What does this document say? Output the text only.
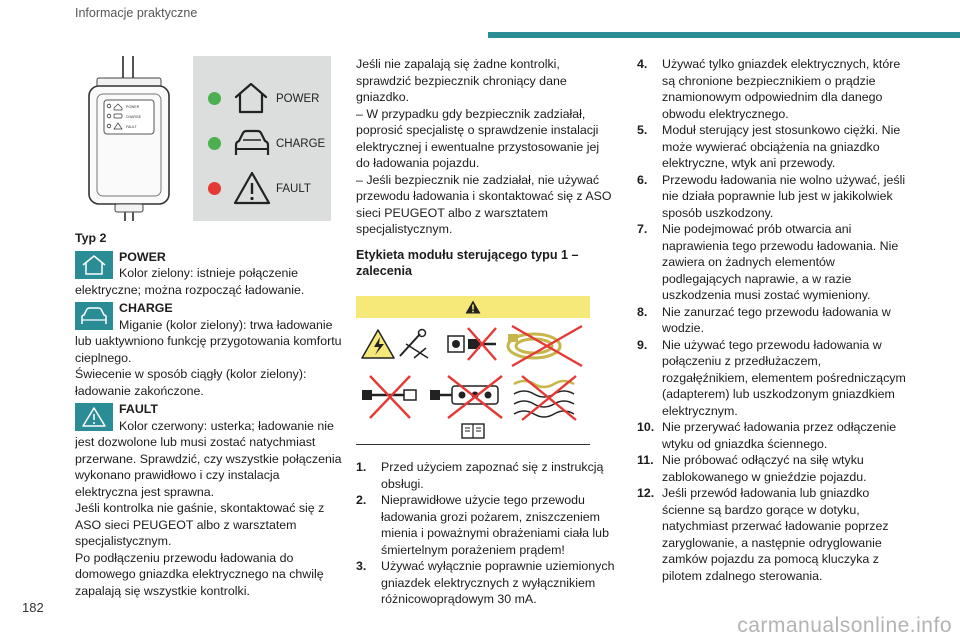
Informacje praktyczne
POWER
CHARGE
FAULT
POWER
CHARGE
FAULT

Typ 2

POWER
Kolor zielony: istnieje połączenie elektryczne; można rozpocząć ładowanie.
CHARGE
Miganie (kolor zielony): trwa ładowanie lub uaktywniono funkcję przygotowania komfortu cieplnego.

Świecenie w sposób ciągły (kolor zielony): ładowanie zakończone.

FAULT
Kolor czerwony: usterka; ładowanie nie jest dozwolone lub musi zostać natychmiast przerwane. Sprawdzić, czy wszystkie połączenia wykonano prawidłowo i czy instalacja elektryczna jest sprawna.

Jeśli kontrolka nie gaśnie, skontaktować się z ASO sieci PEUGEOT albo z warsztatem specjalistycznym.

Po podłączeniu przewodu ładowania do domowego gniazdka elektrycznego na chwilę zapalają się wszystkie kontrolki.

Jeśli nie zapalają się żadne kontrolki, sprawdzić bezpiecznik chroniący dane gniazdko.

– W przypadku gdy bezpiecznik zadziałał, poprosić specjalistę o sprawdzenie instalacji elektrycznej i ewentualne przystosowanie jej do ładowania pojazdu.

– Jeśli bezpiecznik nie zadziałał, nie używać przewodu ładowania i skontaktować się z ASO sieci PEUGEOT albo z warsztatem specjalistycznym.

Etykieta modułu sterującego typu 1 – zalecenia
1. Przed użyciem zapoznać się z instrukcją obsługi.
2. Nieprawidłowe użycie tego przewodu ładowania grozi pożarem, zniszczeniem mienia i poważnymi obrażeniami ciała lub śmiertelnym porażeniem prądem!
3. Używać wyłącznie poprawnie uziemionych gniazdek elektrycznych z wyłącznikiem różnicowoprądowym 30 mA.
4. Używać tylko gniazdek elektrycznych, które są chronione bezpiecznikiem o prądzie znamionowym odpowiednim dla danego obwodu elektrycznego.
5. Moduł sterujący jest stosunkowo ciężki. Nie może wywierać obciążenia na gniazdko elektryczne, wtyk ani przewody.
6. Przewodu ładowania nie wolno używać, jeśli nie działa poprawnie lub jest w jakikolwiek sposób uszkodzony.
7. Nie podejmować prób otwarcia ani naprawienia tego przewodu ładowania. Nie zawiera on żadnych elementów podlegających naprawie, a w razie uszkodzenia musi zostać wymieniony.
8. Nie zanurzać tego przewodu ładowania w wodzie.
9. Nie używać tego przewodu ładowania w połączeniu z przedłużaczem, rozgałęźnikiem, elementem pośredniczącym (adapterem) lub uszkodzonym gniazdkiem elektrycznym.
10. Nie przerywać ładowania przez odłączenie wtyku od gniazdka ściennego.
11. Nie próbować odłączyć na siłę wtyku zablokowanego w gnieździe pojazdu.
12. Jeśli przewód ładowania lub gniazdko ścienne są bardzo gorące w dotyku, natychmiast przerwać ładowanie poprzez zaryglowanie, a następnie odryglowanie zamków pojazdu za pomocą kluczyka z pilotem zdalnego sterowania.
182
carmanualsonline.info
